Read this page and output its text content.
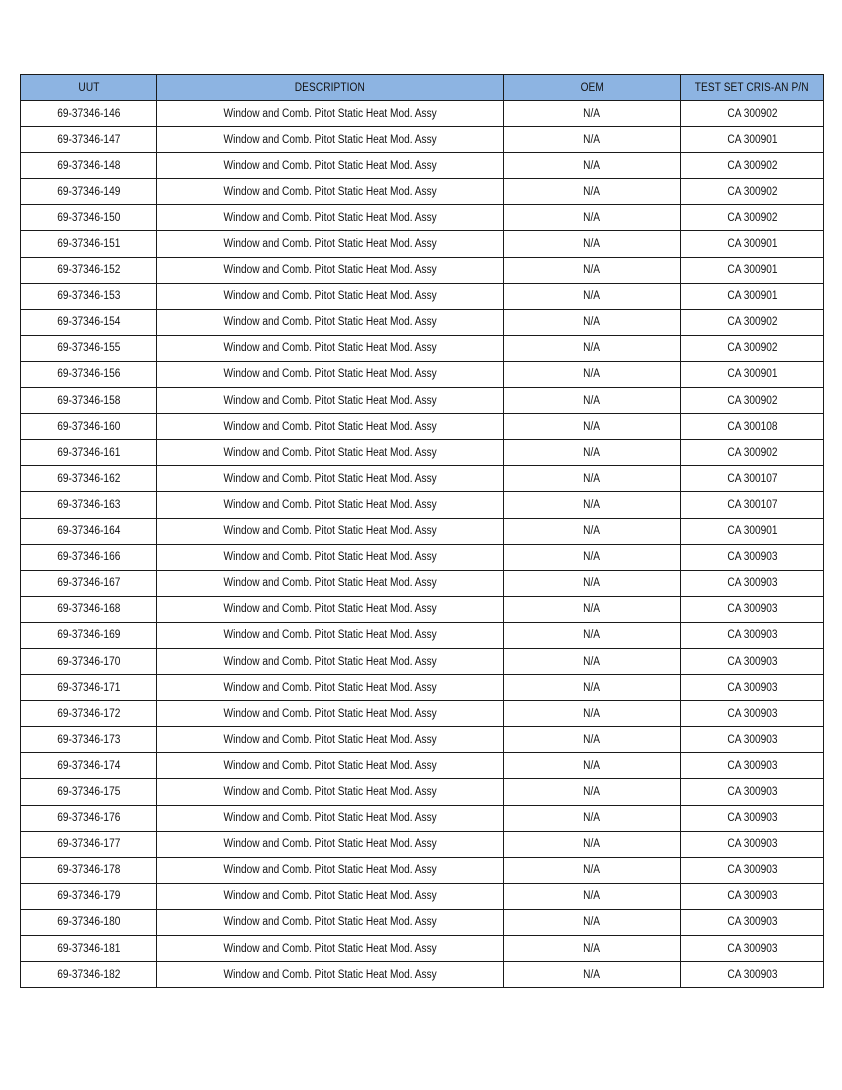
UUT	DESCRIPTION	OEM	TEST SET CRIS-AN P/N
69-37346-146	Window and Comb. Pitot Static Heat Mod. Assy	N/A	CA 300902
69-37346-147	Window and Comb. Pitot Static Heat Mod. Assy	N/A	CA 300901
69-37346-148	Window and Comb. Pitot Static Heat Mod. Assy	N/A	CA 300902
69-37346-149	Window and Comb. Pitot Static Heat Mod. Assy	N/A	CA 300902
69-37346-150	Window and Comb. Pitot Static Heat Mod. Assy	N/A	CA 300902
69-37346-151	Window and Comb. Pitot Static Heat Mod. Assy	N/A	CA 300901
69-37346-152	Window and Comb. Pitot Static Heat Mod. Assy	N/A	CA 300901
69-37346-153	Window and Comb. Pitot Static Heat Mod. Assy	N/A	CA 300901
69-37346-154	Window and Comb. Pitot Static Heat Mod. Assy	N/A	CA 300902
69-37346-155	Window and Comb. Pitot Static Heat Mod. Assy	N/A	CA 300902
69-37346-156	Window and Comb. Pitot Static Heat Mod. Assy	N/A	CA 300901
69-37346-158	Window and Comb. Pitot Static Heat Mod. Assy	N/A	CA 300902
69-37346-160	Window and Comb. Pitot Static Heat Mod. Assy	N/A	CA 300108
69-37346-161	Window and Comb. Pitot Static Heat Mod. Assy	N/A	CA 300902
69-37346-162	Window and Comb. Pitot Static Heat Mod. Assy	N/A	CA 300107
69-37346-163	Window and Comb. Pitot Static Heat Mod. Assy	N/A	CA 300107
69-37346-164	Window and Comb. Pitot Static Heat Mod. Assy	N/A	CA 300901
69-37346-166	Window and Comb. Pitot Static Heat Mod. Assy	N/A	CA 300903
69-37346-167	Window and Comb. Pitot Static Heat Mod. Assy	N/A	CA 300903
69-37346-168	Window and Comb. Pitot Static Heat Mod. Assy	N/A	CA 300903
69-37346-169	Window and Comb. Pitot Static Heat Mod. Assy	N/A	CA 300903
69-37346-170	Window and Comb. Pitot Static Heat Mod. Assy	N/A	CA 300903
69-37346-171	Window and Comb. Pitot Static Heat Mod. Assy	N/A	CA 300903
69-37346-172	Window and Comb. Pitot Static Heat Mod. Assy	N/A	CA 300903
69-37346-173	Window and Comb. Pitot Static Heat Mod. Assy	N/A	CA 300903
69-37346-174	Window and Comb. Pitot Static Heat Mod. Assy	N/A	CA 300903
69-37346-175	Window and Comb. Pitot Static Heat Mod. Assy	N/A	CA 300903
69-37346-176	Window and Comb. Pitot Static Heat Mod. Assy	N/A	CA 300903
69-37346-177	Window and Comb. Pitot Static Heat Mod. Assy	N/A	CA 300903
69-37346-178	Window and Comb. Pitot Static Heat Mod. Assy	N/A	CA 300903
69-37346-179	Window and Comb. Pitot Static Heat Mod. Assy	N/A	CA 300903
69-37346-180	Window and Comb. Pitot Static Heat Mod. Assy	N/A	CA 300903
69-37346-181	Window and Comb. Pitot Static Heat Mod. Assy	N/A	CA 300903
69-37346-182	Window and Comb. Pitot Static Heat Mod. Assy	N/A	CA 300903
